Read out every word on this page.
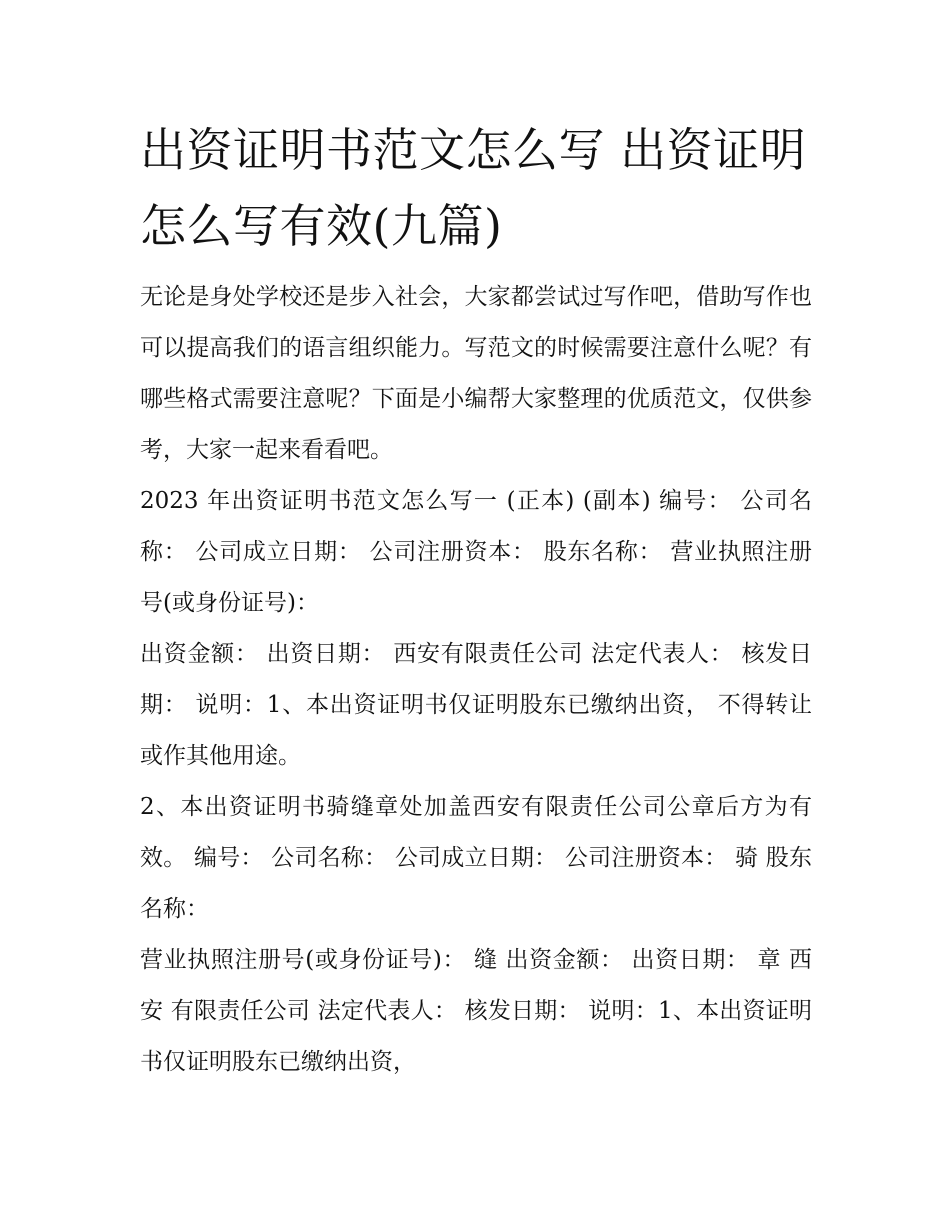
出资证明书范文怎么写 出资证明怎么写有效(九篇)

无论是身处学校还是步入社会，大家都尝试过写作吧，借助写作也可以提高我们的语言组织能力。写范文的时候需要注意什么呢？有哪些格式需要注意呢？下面是小编帮大家整理的优质范文，仅供参考，大家一起来看看吧。

2023 年出资证明书范文怎么写一 (正本) (副本) 编号： 公司名称： 公司成立日期： 公司注册资本： 股东名称： 营业执照注册号(或身份证号)：

出资金额： 出资日期： 西安有限责任公司 法定代表人： 核发日期： 说明：1、本出资证明书仅证明股东已缴纳出资， 不得转让或作其他用途。

2、本出资证明书骑缝章处加盖西安有限责任公司公章后方为有效。 编号： 公司名称： 公司成立日期： 公司注册资本： 骑 股东名称：

营业执照注册号(或身份证号)： 缝 出资金额： 出资日期： 章 西安 有限责任公司 法定代表人： 核发日期： 说明：1、本出资证明书仅证明股东已缴纳出资，
